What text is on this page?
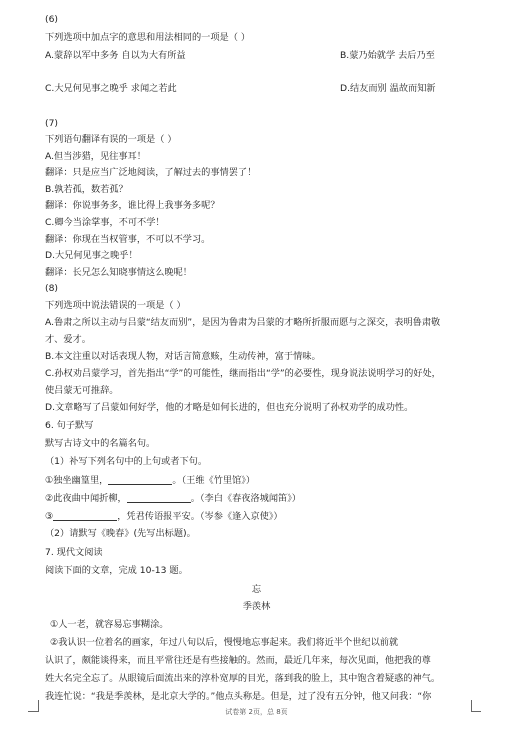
(6)
下列选项中加点字的意思和用法相同的一项是（ ）
A.蒙辞以军中多务 自以为大有所益	B.蒙乃始就学 去后乃至
C.大兄何见事之晚乎 求闻之若此	D.结友而别 温故而知新
(7)
下列语句翻译有误的一项是（ ）
A.但当涉猎，见往事耳！
翻译：只是应当广泛地阅读，了解过去的事情罢了！
B.孰若孤，数若孤？
翻译：你说事务多，谁比得上我事务多呢？
C.卿今当涂掌事，不可不学！
翻译：你现在当权管事，不可以不学习。
D.大兄何见事之晚乎！
翻译：长兄怎么知晓事情这么晚呢！
(8)
下列选项中说法错误的一项是（ ）
A.鲁肃之所以主动与吕蒙“结友而别”，是因为鲁肃为吕蒙的才略所折服而愿与之深交，表明鲁肃敬
才、爱才。
B.本文注重以对话表现人物，对话言简意赅，生动传神，富于情味。
C.孙权劝吕蒙学习，首先指出“学”的可能性，继而指出“学”的必要性，现身说法说明学习的好处，
使吕蒙无可推辞。
D.文章略写了吕蒙如何好学，他的才略是如何长进的，但也充分说明了孙权劝学的成功性。
6. 句子默写
默写古诗文中的名篇名句。
（1）补写下列名句中的上句或者下句。
①独坐幽篁里，	。（王维《竹里馆》）
②此夜曲中闻折柳，	。（李白《春夜洛城闻笛》）
③	，凭君传语报平安。（岑参《逢入京使》）
（2）请默写《晚春》(先写出标题)。
7. 现代文阅读
阅读下面的文章，完成 10-13 题。
忘
季羡林
①人一老，就容易忘事糊涂。
②我认识一位着名的画家，年过八旬以后，慢慢地忘事起来。我们将近半个世纪以前就
认识了，颇能谈得来，而且平常往还是有些接触的。然而，最近几年来，每次见面，他把我的尊
姓大名完全忘了。从眼镜后面流出来的淳朴宽厚的目光，落到我的脸上，其中饱含着疑惑的神气。
我连忙说：“我是季羡林，是北京大学的。”他点头称是。但是，过了没有五分钟，他又问我：“你
试卷第 2页，总 8页
